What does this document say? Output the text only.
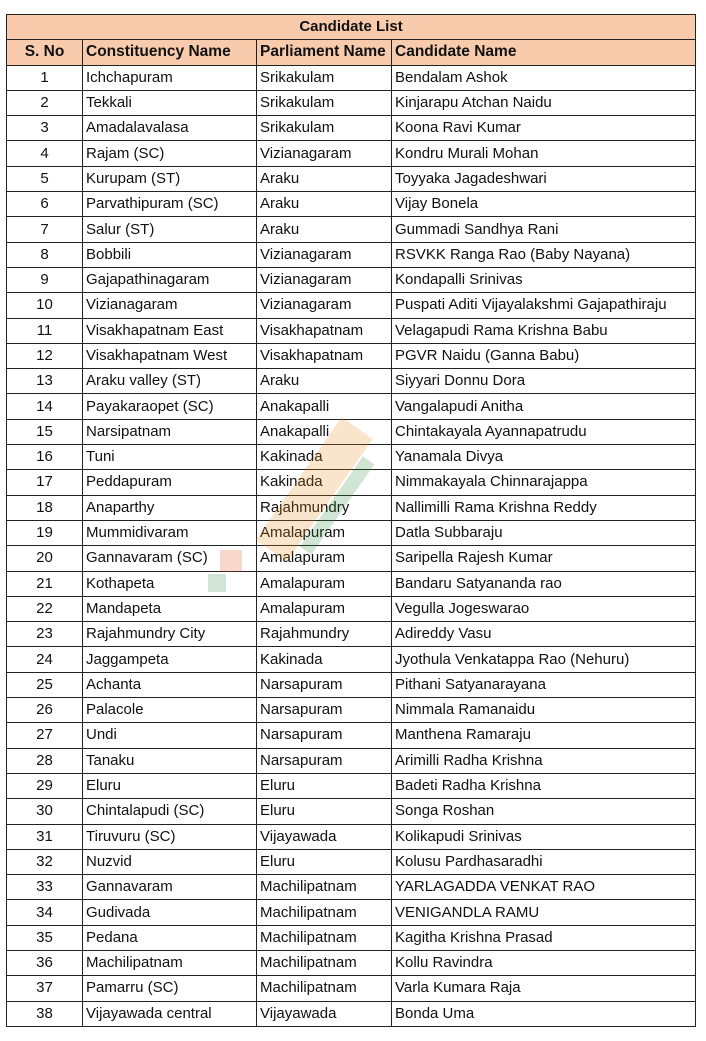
Candidate List			
S. No	Constituency Name	Parliament Name	Candidate Name
1	Ichchapuram	Srikakulam	Bendalam Ashok
2	Tekkali	Srikakulam	Kinjarapu Atchan Naidu
3	Amadalavalasa	Srikakulam	Koona Ravi Kumar
4	Rajam (SC)	Vizianagaram	Kondru Murali Mohan
5	Kurupam (ST)	Araku	Toyyaka Jagadeshwari
6	Parvathipuram (SC)	Araku	Vijay Bonela
7	Salur (ST)	Araku	Gummadi Sandhya Rani
8	Bobbili	Vizianagaram	RSVKK Ranga Rao (Baby Nayana)
9	Gajapathinagaram	Vizianagaram	Kondapalli Srinivas
10	Vizianagaram	Vizianagaram	Puspati Aditi Vijayalakshmi Gajapathiraju
11	Visakhapatnam East	Visakhapatnam	Velagapudi Rama Krishna Babu
12	Visakhapatnam West	Visakhapatnam	PGVR Naidu (Ganna Babu)
13	Araku valley (ST)	Araku	Siyyari Donnu Dora
14	Payakaraopet (SC)	Anakapalli	Vangalapudi Anitha
15	Narsipatnam	Anakapalli	Chintakayala Ayannapatrudu
16	Tuni	Kakinada	Yanamala Divya
17	Peddapuram	Kakinada	Nimmakayala Chinnarajappa
18	Anaparthy	Rajahmundry	Nallimilli Rama Krishna Reddy
19	Mummidivaram	Amalapuram	Datla Subbaraju
20	Gannavaram (SC)	Amalapuram	Saripella Rajesh Kumar
21	Kothapeta	Amalapuram	Bandaru Satyananda rao
22	Mandapeta	Amalapuram	Vegulla Jogeswarao
23	Rajahmundry City	Rajahmundry	Adireddy Vasu
24	Jaggampeta	Kakinada	Jyothula Venkatappa Rao (Nehuru)
25	Achanta	Narsapuram	Pithani Satyanarayana
26	Palacole	Narsapuram	Nimmala Ramanaidu
27	Undi	Narsapuram	Manthena Ramaraju
28	Tanaku	Narsapuram	Arimilli Radha Krishna
29	Eluru	Eluru	Badeti Radha Krishna
30	Chintalapudi (SC)	Eluru	Songa Roshan
31	Tiruvuru (SC)	Vijayawada	Kolikapudi Srinivas
32	Nuzvid	Eluru	Kolusu Pardhasaradhi
33	Gannavaram	Machilipatnam	YARLAGADDA VENKAT RAO
34	Gudivada	Machilipatnam	VENIGANDLA RAMU
35	Pedana	Machilipatnam	Kagitha Krishna Prasad
36	Machilipatnam	Machilipatnam	Kollu Ravindra
37	Pamarru (SC)	Machilipatnam	Varla Kumara Raja
38	Vijayawada central	Vijayawada	Bonda Uma
